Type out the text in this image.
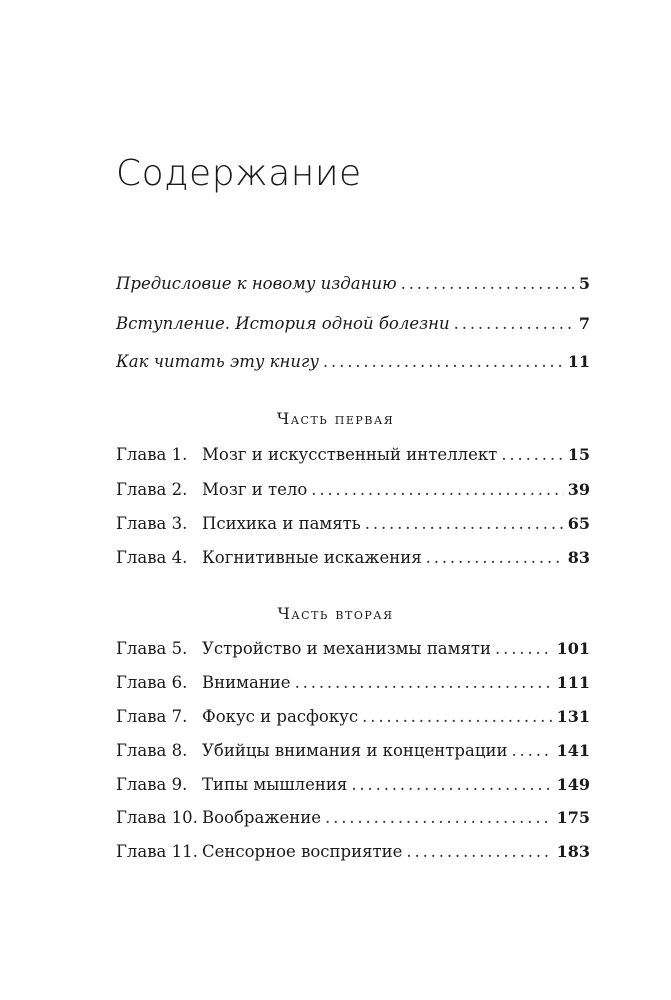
Содержание
Предисловие к новому изданию . . .	5
Вступление. История одной болезни . . .	7
Как читать эту книгу . . .	11
Часть первая
Глава 1. Мозг и искусственный интеллект . . .	15
Глава 2. Мозг и тело . . .	39
Глава 3. Психика и память . . .	65
Глава 4. Когнитивные искажения . . .	83
Часть вторая
Глава 5. Устройство и механизмы памяти . . .	101
Глава 6. Внимание . . .	111
Глава 7. Фокус и расфокус . . .	131
Глава 8. Убийцы внимания и концентрации . . .	141
Глава 9. Типы мышления . . .	149
Глава 10. Воображение . . .	175
Глава 11. Сенсорное восприятие . . .	183
